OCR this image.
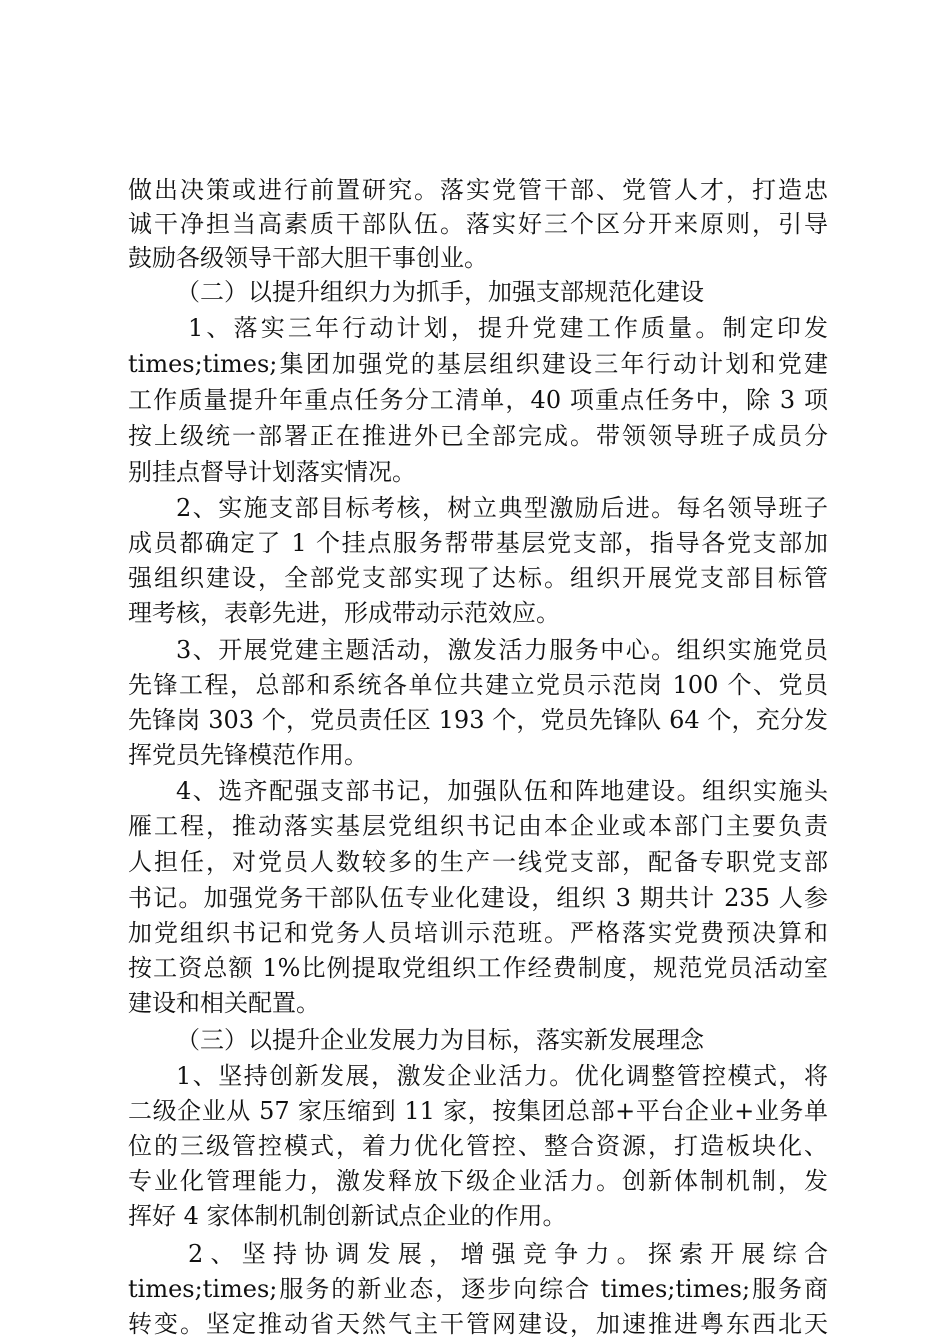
做出决策或进行前置研究。落实党管干部、党管人才，打造忠
诚干净担当高素质干部队伍。落实好三个区分开来原则，引导
鼓励各级领导干部大胆干事创业。
（二）以提升组织力为抓手，加强支部规范化建设
1、落实三年行动计划，提升党建工作质量。制定印发
times;times;集团加强党的基层组织建设三年行动计划和党建
工作质量提升年重点任务分工清单，40 项重点任务中，除 3 项
按上级统一部署正在推进外已全部完成。带领领导班子成员分
别挂点督导计划落实情况。
2、实施支部目标考核，树立典型激励后进。每名领导班子
成员都确定了 1 个挂点服务帮带基层党支部，指导各党支部加
强组织建设，全部党支部实现了达标。组织开展党支部目标管
理考核，表彰先进，形成带动示范效应。
3、开展党建主题活动，激发活力服务中心。组织实施党员
先锋工程，总部和系统各单位共建立党员示范岗 100 个、党员
先锋岗 303 个，党员责任区 193 个，党员先锋队 64 个，充分发
挥党员先锋模范作用。
4、选齐配强支部书记，加强队伍和阵地建设。组织实施头
雁工程，推动落实基层党组织书记由本企业或本部门主要负责
人担任，对党员人数较多的生产一线党支部，配备专职党支部
书记。加强党务干部队伍专业化建设，组织 3 期共计 235 人参
加党组织书记和党务人员培训示范班。严格落实党费预决算和
按工资总额 1%比例提取党组织工作经费制度，规范党员活动室
建设和相关配置。
（三）以提升企业发展力为目标，落实新发展理念
1、坚持创新发展，激发企业活力。优化调整管控模式，将
二级企业从 57 家压缩到 11 家，按集团总部+平台企业+业务单
位的三级管控模式，着力优化管控、整合资源，打造板块化、
专业化管理能力，激发释放下级企业活力。创新体制机制，发
挥好 4 家体制机制创新试点企业的作用。
2、坚持协调发展，增强竞争力。探索开展综合
times;times;服务的新业态，逐步向综合 times;times;服务商
转变。坚定推动省天然气主干管网建设，加速推进粤东西北天
